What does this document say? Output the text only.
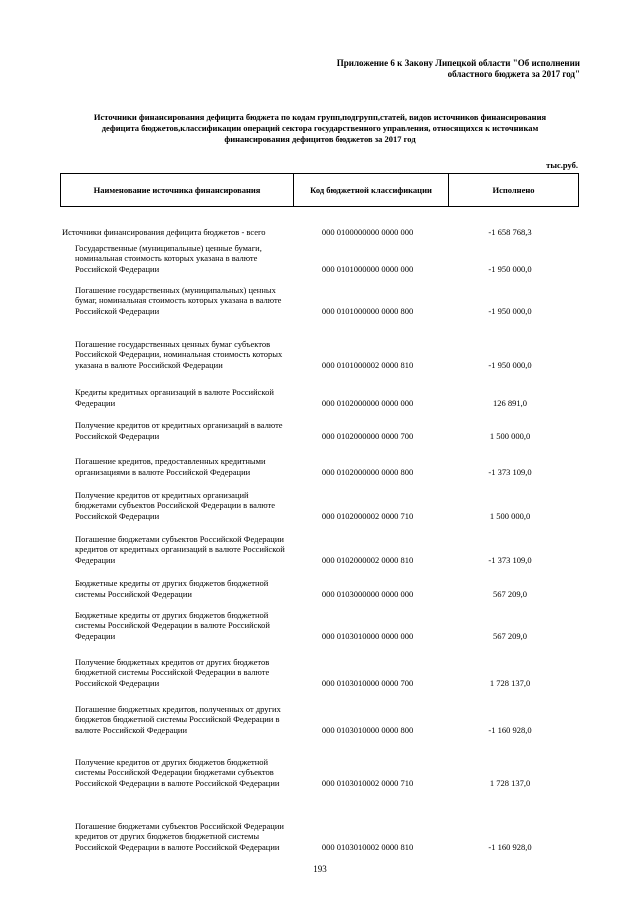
Приложение 6 к Закону Липецкой области "Об исполнении
областного бюджета за 2017 год"
Источники финансирования дефицита бюджета по кодам групп,подгрупп,статей, видов источников финансирования
дефицита бюджетов,классификации операций сектора государственного управления, относящихся к источникам
финансирования дефицитов бюджетов за 2017 год
тыс.руб.
Наименование источника финансирования	Код бюджетной классификации	Исполнено
Источники финансирования дефицита бюджетов - всего	000 0100000000 0000 000	-1 658 768,3
Государственные (муниципальные) ценные бумаги, номинальная стоимость которых указана в валюте Российской Федерации	000 0101000000 0000 000	-1 950 000,0
Погашение государственных (муниципальных) ценных бумаг, номинальная стоимость которых указана в валюте Российской Федерации	000 0101000000 0000 800	-1 950 000,0
Погашение государственных ценных бумаг субъектов Российской Федерации, номинальная стоимость которых указана в валюте Российской Федерации	000 0101000002 0000 810	-1 950 000,0
Кредиты кредитных организаций в валюте Российской Федерации	000 0102000000 0000 000	126 891,0
Получение кредитов от кредитных организаций в валюте Российской Федерации	000 0102000000 0000 700	1 500 000,0
Погашение кредитов, предоставленных кредитными организациями в валюте Российской Федерации	000 0102000000 0000 800	-1 373 109,0
Получение кредитов от кредитных организаций бюджетами субъектов Российской Федерации в валюте Российской Федерации	000 0102000002 0000 710	1 500 000,0
Погашение бюджетами субъектов Российской Федерации кредитов от кредитных организаций в валюте Российской Федерации	000 0102000002 0000 810	-1 373 109,0
Бюджетные кредиты от других бюджетов бюджетной системы Российской Федерации	000 0103000000 0000 000	567 209,0
Бюджетные кредиты от других бюджетов бюджетной системы Российской Федерации в валюте Российской Федерации	000 0103010000 0000 000	567 209,0
Получение бюджетных кредитов от других бюджетов бюджетной системы Российской Федерации в валюте Российской Федерации	000 0103010000 0000 700	1 728 137,0
Погашение бюджетных кредитов, полученных от других бюджетов бюджетной системы Российской Федерации в валюте Российской Федерации	000 0103010000 0000 800	-1 160 928,0
Получение кредитов от других бюджетов бюджетной системы Российской Федерации бюджетами субъектов Российской Федерации в валюте Российской Федерации	000 0103010002 0000 710	1 728 137,0
Погашение бюджетами субъектов Российской Федерации кредитов от других бюджетов бюджетной системы Российской Федерации в валюте Российской Федерации	000 0103010002 0000 810	-1 160 928,0
193
